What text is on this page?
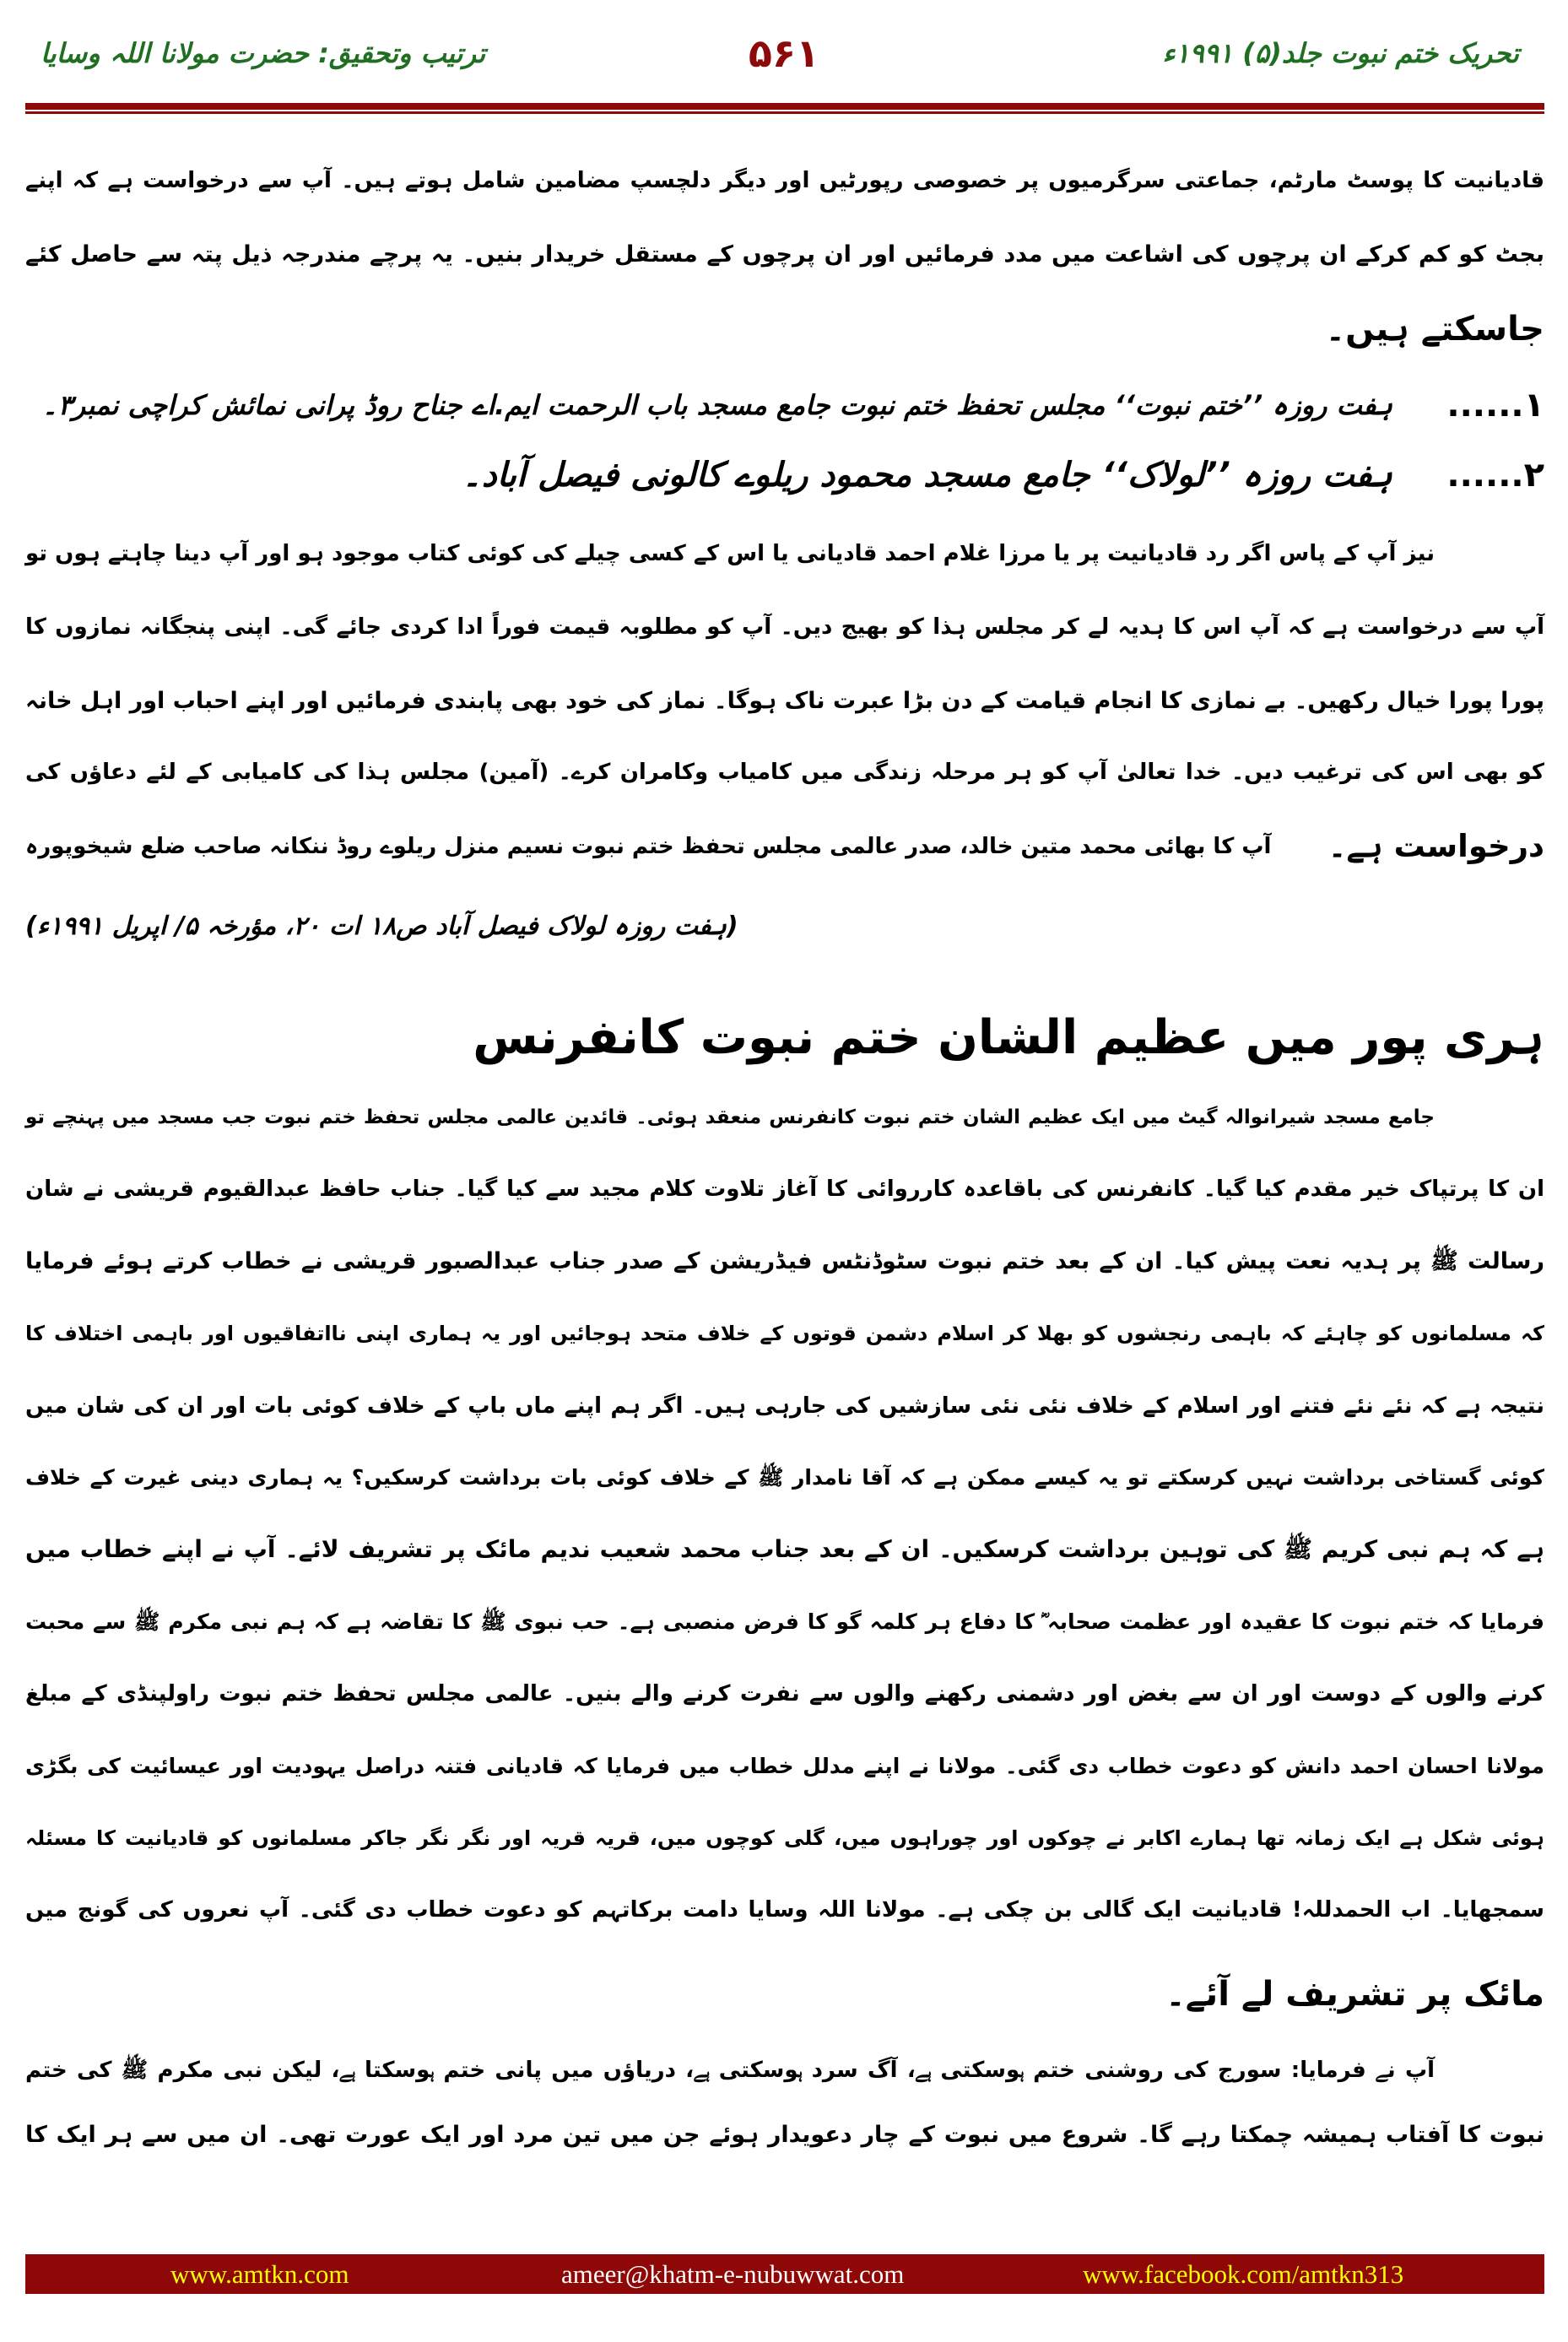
تحریک ختم نبوت جلد(۵) ۱۹۹۱ء
۵۶۱
ترتیب وتحقیق: حضرت مولانا اللہ وسایا
قادیانیت کا پوسٹ مارٹم، جماعتی سرگرمیوں پر خصوصی رپورٹیں اور دیگر دلچسپ مضامین شامل ہوتے ہیں۔ آپ سے درخواست ہے کہ اپنے
بجٹ کو کم کرکے ان پرچوں کی اشاعت میں مدد فرمائیں اور ان پرچوں کے مستقل خریدار بنیں۔ یہ پرچے مندرجہ ذیل پتہ سے حاصل کئے
جاسکتے ہیں۔
۱......
ہفت روزہ ’’ختم نبوت‘‘ مجلس تحفظ ختم نبوت جامع مسجد باب الرحمت ایم.اے جناح روڈ پرانی نمائش کراچی نمبر۳۔
۲......
ہفت روزہ ’’لولاک‘‘ جامع مسجد محمود ریلوے کالونی فیصل آباد۔
نیز آپ کے پاس اگر رد قادیانیت پر یا مرزا غلام احمد قادیانی یا اس کے کسی چیلے کی کوئی کتاب موجود ہو اور آپ دینا چاہتے ہوں تو
آپ سے درخواست ہے کہ آپ اس کا ہدیہ لے کر مجلس ہذا کو بھیج دیں۔ آپ کو مطلوبہ قیمت فوراً ادا کردی جائے گی۔ اپنی پنجگانہ نمازوں کا
پورا پورا خیال رکھیں۔ بے نمازی کا انجام قیامت کے دن بڑا عبرت ناک ہوگا۔ نماز کی خود بھی پابندی فرمائیں اور اپنے احباب اور اہل خانہ
کو بھی اس کی ترغیب دیں۔ خدا تعالیٰ آپ کو ہر مرحلہ زندگی میں کامیاب وکامران کرے۔ (آمین) مجلس ہذا کی کامیابی کے لئے دعاؤں کی
درخواست ہے۔
آپ کا بھائی محمد متین خالد، صدر عالمی مجلس تحفظ ختم نبوت نسیم منزل ریلوے روڈ ننکانہ صاحب ضلع شیخوپورہ
(ہفت روزہ لولاک فیصل آباد ص۱۸ ات ۲۰، مؤرخہ ۵/ اپریل ۱۹۹۱ء)
ہری پور میں عظیم الشان ختم نبوت کانفرنس
جامع مسجد شیرانوالہ گیٹ میں ایک عظیم الشان ختم نبوت کانفرنس منعقد ہوئی۔ قائدین عالمی مجلس تحفظ ختم نبوت جب مسجد میں پہنچے تو
ان کا پرتپاک خیر مقدم کیا گیا۔ کانفرنس کی باقاعدہ کارروائی کا آغاز تلاوت کلام مجید سے کیا گیا۔ جناب حافظ عبدالقیوم قریشی نے شان
رسالت ﷺ پر ہدیہ نعت پیش کیا۔ ان کے بعد ختم نبوت سٹوڈنٹس فیڈریشن کے صدر جناب عبدالصبور قریشی نے خطاب کرتے ہوئے فرمایا
کہ مسلمانوں کو چاہئے کہ باہمی رنجشوں کو بھلا کر اسلام دشمن قوتوں کے خلاف متحد ہوجائیں اور یہ ہماری اپنی نااتفاقیوں اور باہمی اختلاف کا
نتیجہ ہے کہ نئے نئے فتنے اور اسلام کے خلاف نئی نئی سازشیں کی جارہی ہیں۔ اگر ہم اپنے ماں باپ کے خلاف کوئی بات اور ان کی شان میں
کوئی گستاخی برداشت نہیں کرسکتے تو یہ کیسے ممکن ہے کہ آقا نامدار ﷺ کے خلاف کوئی بات برداشت کرسکیں؟ یہ ہماری دینی غیرت کے خلاف
ہے کہ ہم نبی کریم ﷺ کی توہین برداشت کرسکیں۔ ان کے بعد جناب محمد شعیب ندیم مائک پر تشریف لائے۔ آپ نے اپنے خطاب میں
فرمایا کہ ختم نبوت کا عقیدہ اور عظمت صحابہ ؓ کا دفاع ہر کلمہ گو کا فرض منصبی ہے۔ حب نبوی ﷺ کا تقاضہ ہے کہ ہم نبی مکرم ﷺ سے محبت
کرنے والوں کے دوست اور ان سے بغض اور دشمنی رکھنے والوں سے نفرت کرنے والے بنیں۔ عالمی مجلس تحفظ ختم نبوت راولپنڈی کے مبلغ
مولانا احسان احمد دانش کو دعوت خطاب دی گئی۔ مولانا نے اپنے مدلل خطاب میں فرمایا کہ قادیانی فتنہ دراصل یہودیت اور عیسائیت کی بگڑی
ہوئی شکل ہے ایک زمانہ تھا ہمارے اکابر نے چوکوں اور چوراہوں میں، گلی کوچوں میں، قریہ قریہ اور نگر نگر جاکر مسلمانوں کو قادیانیت کا مسئلہ
سمجھایا۔ اب الحمدللہ! قادیانیت ایک گالی بن چکی ہے۔ مولانا اللہ وسایا دامت برکاتہم کو دعوت خطاب دی گئی۔ آپ نعروں کی گونج میں
مائک پر تشریف لے آئے۔
آپ نے فرمایا: سورج کی روشنی ختم ہوسکتی ہے، آگ سرد ہوسکتی ہے، دریاؤں میں پانی ختم ہوسکتا ہے، لیکن نبی مکرم ﷺ کی ختم
نبوت کا آفتاب ہمیشہ چمکتا رہے گا۔ شروع میں نبوت کے چار دعویدار ہوئے جن میں تین مرد اور ایک عورت تھی۔ ان میں سے ہر ایک کا
www.amtkn.com	ameer@khatm-e-nubuwwat.com	www.facebook.com/amtkn313
